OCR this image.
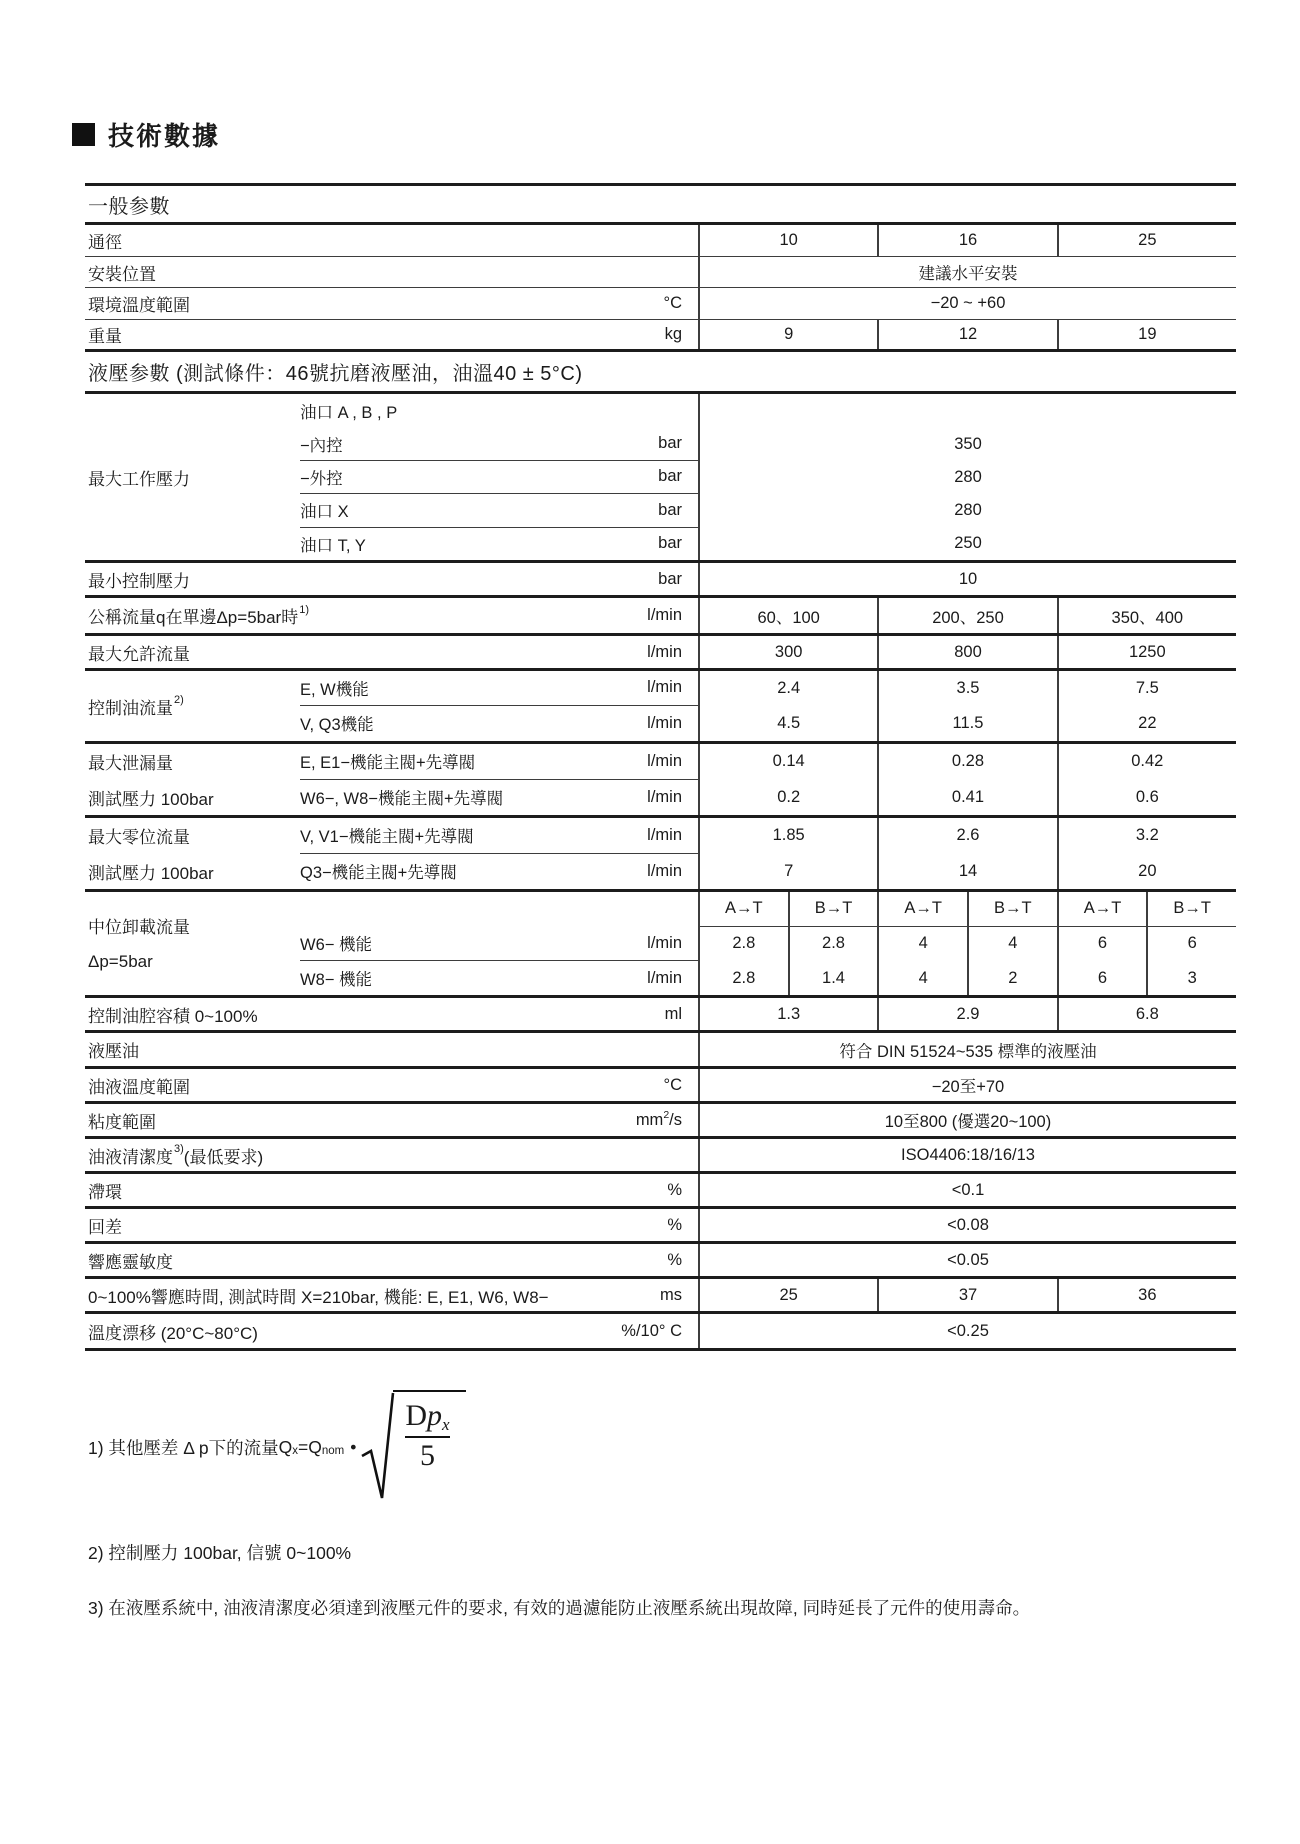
技術數據
一般参數
通徑	10	16	25
安裝位置	建議水平安裝
環境溫度範圍	°C	−20 ~ +60
重量	kg	9	12	19
液壓参數 (測試條件：46號抗磨液壓油，油溫40 ± 5°C)
最大工作壓力
油口 A , B , P
−內控	bar	350
−外控	bar	280
油口 X	bar	280
油口 T, Y	bar	250
最小控制壓力	bar	10
公稱流量q在單邊Δp=5bar時 1)	l/min	60、100	200、250	350、400
最大允許流量	l/min	300	800	1250
控制油流量 2)
E, W機能	l/min	2.4	3.5	7.5
V, Q3機能	l/min	4.5	11.5	22
最大泄漏量
測試壓力 100bar
E, E1−機能主閥+先導閥	l/min	0.14	0.28	0.42
W6−, W8−機能主閥+先導閥	l/min	0.2	0.41	0.6
最大零位流量
測試壓力 100bar
V, V1−機能主閥+先導閥	l/min	1.85	2.6	3.2
Q3−機能主閥+先導閥	l/min	7	14	20
中位卸載流量
Δp=5bar
A→T	B→T	A→T	B→T	A→T	B→T
W6− 機能	l/min	2.8	2.8	4	4	6	6
W8− 機能	l/min	2.8	1.4	4	2	6	3
控制油腔容積 0~100%	ml	1.3	2.9	6.8
液壓油	符合 DIN 51524~535 標準的液壓油
油液溫度範圍	°C	−20至+70
粘度範圍	mm 2 /s	10至800 (優選20~100)
油液清潔度 3) (最低要求)	ISO4406:18/16/13
滯環	%	<0.1
回差	%	<0.08
響應靈敏度	%	<0.05
0~100%響應時間, 測試時間 X=210bar, 機能: E, E1, W6, W8−	ms	25	37	36
溫度漂移 (20°C~80°C)	%/10° C	<0.25
1) 其他壓差 Δ p下的流量 Q x =Q nom •
D p x
5
2) 控制壓力 100bar, 信號 0~100%
3) 在液壓系統中, 油液清潔度必須達到液壓元件的要求, 有效的過濾能防止液壓系統出現故障, 同時延長了元件的使用壽命。
